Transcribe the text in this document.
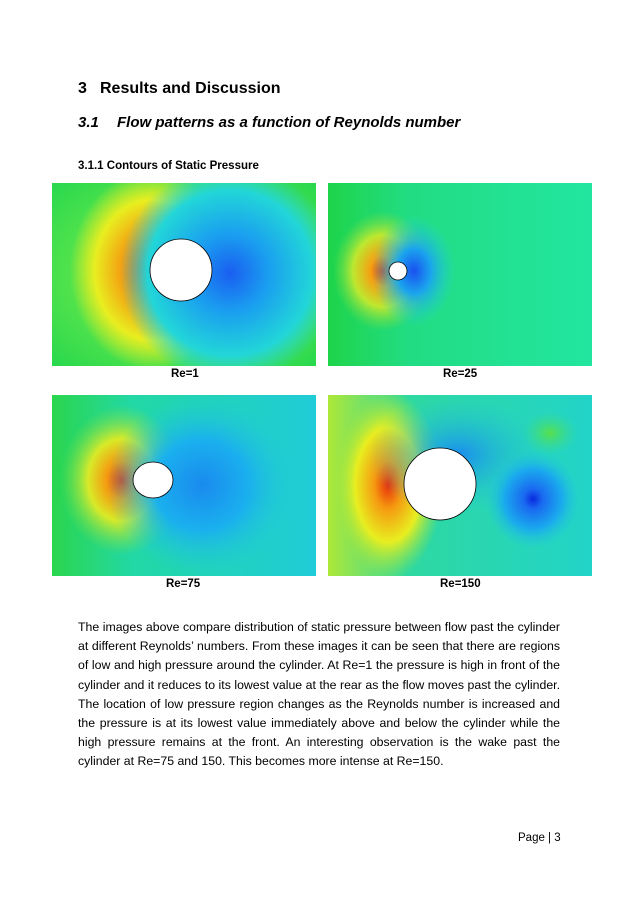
3 Results and Discussion
3.1 Flow patterns as a function of Reynolds number
3.1.1 Contours of Static Pressure
Re=1	Re=25
Re=75	Re=150

The images above compare distribution of static pressure between flow past the cylinder at different Reynolds’ numbers. From these images it can be seen that there are regions of low and high pressure around the cylinder. At Re=1 the pressure is high in front of the cylinder and it reduces to its lowest value at the rear as the flow moves past the cylinder. The location of low pressure region changes as the Reynolds number is increased and the pressure is at its lowest value immediately above and below the cylinder while the high pressure remains at the front. An interesting observation is the wake past the cylinder at Re=75 and 150. This becomes more intense at Re=150.

Page | 3
